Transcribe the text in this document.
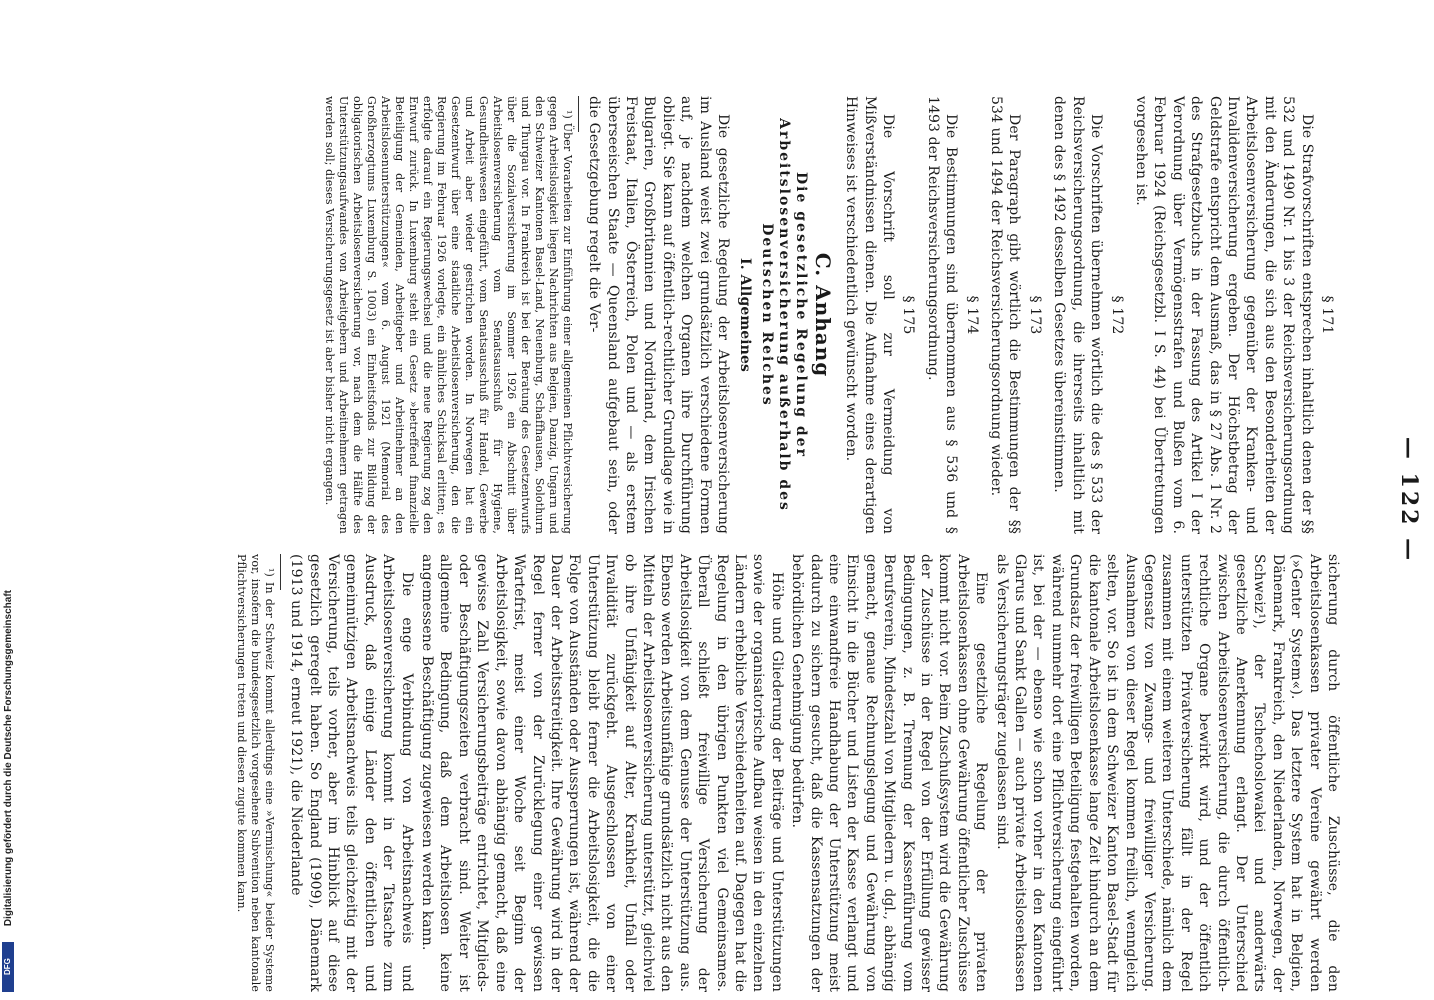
Digitalisierung gefördert durch die Deutsche Forschungsgemeinschaft
DFG
— 122 —
§ 171

Die Strafvorschriften entsprechen inhaltlich denen der §§ 532 und 1490 Nr. 1 bis 3 der Reichsversicherungsordnung mit den Änderungen, die sich aus den Besonderheiten der Arbeitslosenversicherung gegenüber der Kranken- und Invalidenversicherung ergeben. Der Höchstbetrag der Geldstrafe entspricht dem Ausmaß, das in § 27 Abs. 1 Nr. 2 des Strafgesetzbuchs in der Fassung des Artikel I der Verordnung über Vermögensstrafen und Bußen vom 6. Februar 1924 (Reichsgesetzbl. I S. 44) bei Übertretungen vorgesehen ist.

§ 172

Die Vorschriften übernehmen wörtlich die des § 533 der Reichsversicherungsordnung, die ihrerseits inhaltlich mit denen des § 1492 desselben Gesetzes übereinstimmen.

§ 173

Der Paragraph gibt wörtlich die Bestimmungen der §§ 534 und 1494 der Reichsversicherungsordnung wieder.

§ 174

Die Bestimmungen sind übernommen aus § 536 und § 1493 der Reichsversicherungsordnung.

§ 175

Die Vorschrift soll zur Vermeidung von Mißverständnissen dienen. Die Aufnahme eines derartigen Hinweises ist verschiedentlich gewünscht worden.

C. Anhang
Die gesetzliche Regelung der Arbeitslosenversicherung außerhalb des Deutschen Reiches
I. Allgemeines

Die gesetzliche Regelung der Arbeitslosenversicherung im Ausland weist zwei grundsätzlich verschiedene Formen auf, je nachdem welchen Organen ihre Durchführung obliegt. Sie kann auf öffentlich-rechtlicher Grundlage wie in Bulgarien, Großbritannien und Nordirland, dem Irischen Freistaat, Italien, Österreich, Polen und — als erstem überseeischen Staate — Queensland aufgebaut sein, oder die Gesetzgebung regelt die Ver-

¹) Über Vorarbeiten zur Einführung einer allgemeinen Pflichtversicherung gegen Arbeitslosigkeit liegen Nachrichten aus Belgien, Danzig, Ungarn und den Schweizer Kantonen Basel-Land, Neuenburg, Schaffhausen, Solothurn und Thurgau vor. In Frankreich ist bei der Beratung des Gesetzentwurfs über die Sozialversicherung im Sommer 1926 ein Abschnitt über Arbeitslosenversicherung vom Senatsausschuß für Hygiene, Gesundheitswesen eingeführt, vom Senatsausschuß für Handel, Gewerbe und Arbeit aber wieder gestrichen worden. In Norwegen hat ein Gesetzentwurf über eine staatliche Arbeitslosenversicherung, den die Regierung im Februar 1926 vorlegte, ein ähnliches Schicksal erlitten; es erfolgte darauf ein Regierungswechsel und die neue Regierung zog den Entwurf zurück. In Luxemburg steht ein Gesetz »betreffend finanzielle Beteiligung der Gemeinden, Arbeitgeber und Arbeitnehmer an den Arbeitslosenunterstützungen« vom 6. August 1921 (Memorial des Großherzogtums Luxemburg S. 1003) ein Einheitsfonds zur Bildung der obligatorischen Arbeitslosenversicherung vor, nach dem die Hälfte des Unterstützungsaufwandes von Arbeitgebern und Arbeitnehmern getragen werden soll; dieses Versicherungsgesetz ist aber bisher nicht ergangen.

sicherung durch öffentliche Zuschüsse, die den Arbeitslosenkassen privater Vereine gewährt werden (»Genter System«). Das letztere System hat in Belgien, Dänemark, Frankreich, den Niederlanden, Norwegen, der Schweiz¹), der Tschechoslowakei und anderwärts gesetzliche Anerkennung erlangt. Der Unterschied zwischen Arbeitslosenversicherung, die durch öffentlich-rechtliche Organe bewirkt wird, und der öffentlich unterstützten Privatversicherung fällt in der Regel zusammen mit einem weiteren Unterschiede, nämlich dem Gegensatz von Zwangs- und freiwilliger Versicherung. Ausnahmen von dieser Regel kommen freilich, wenngleich selten, vor. So ist in dem Schweizer Kanton Basel-Stadt für die kantonale Arbeitslosenkasse lange Zeit hindurch an dem Grundsatz der freiwilligen Beteiligung festgehalten worden, während nunmehr dort eine Pflichtversicherung eingeführt ist, bei der — ebenso wie schon vorher in den Kantonen Glarus und Sankt Gallen — auch private Arbeitslosenkassen als Versicherungsträger zugelassen sind.

Eine gesetzliche Regelung der privaten Arbeitslosenkassen ohne Gewährung öffentlicher Zuschüsse kommt nicht vor. Beim Zuschußsystem wird die Gewährung der Zuschüsse in der Regel von der Erfüllung gewisser Bedingungen, z. B. Trennung der Kassenführung vom Berufsverein, Mindestzahl von Mitgliedern u. dgl., abhängig gemacht, genaue Rechnungslegung und Gewährung von Einsicht in die Bücher und Listen der Kasse verlangt und eine einwandfreie Handhabung der Unterstützung meist dadurch zu sichern gesucht, daß die Kassensatzungen der behördlichen Genehmigung bedürfen.

Höhe und Gliederung der Beiträge und Unterstützungen sowie der organisatorische Aufbau weisen in den einzelnen Ländern erhebliche Verschiedenheiten auf. Dagegen hat die Regelung in den übrigen Punkten viel Gemeinsames. Überall schließt freiwillige Versicherung der Arbeitslosigkeit von dem Genusse der Unterstützung aus. Ebenso werden Arbeitsunfähige grundsätzlich nicht aus den Mitteln der Arbeitslosenversicherung unterstützt, gleichviel ob ihre Unfähigkeit auf Alter, Krankheit, Unfall oder Invalidität zurückgeht. Ausgeschlossen von einer Unterstützung bleibt ferner die Arbeitslosigkeit, die die Folge von Ausständen oder Aussperrungen ist, während der Dauer der Arbeitsstreitigkeit. Ihre Gewährung wird in der Regel ferner von der Zurücklegung einer gewissen Wartefrist, meist einer Woche seit Beginn der Arbeitslosigkeit, sowie davon abhängig gemacht, daß eine gewisse Zahl Versicherungsbeiträge entrichtet, Mitglieds- oder Beschäftigungszeiten verbracht sind. Weiter ist allgemeine Bedingung, daß dem Arbeitslosen keine angemessene Beschäftigung zugewiesen werden kann.

Die enge Verbindung von Arbeitsnachweis und Arbeitslosenversicherung kommt in der Tatsache zum Ausdruck, daß einige Länder den öffentlichen und gemeinnützigen Arbeitsnachweis teils gleichzeitig mit der Versicherung, teils vorher, aber im Hinblick auf diese gesetzlich geregelt haben. So England (1909), Dänemark (1913 und 1914, erneut 1921), die Niederlande

¹) In der Schweiz kommt allerdings eine »Vermischung« beider Systeme vor, insofern die bundesgesetzlich vorgesehene Subvention neben kantonale Pflichtversicherungen treten und diesen zugute kommen kann.
